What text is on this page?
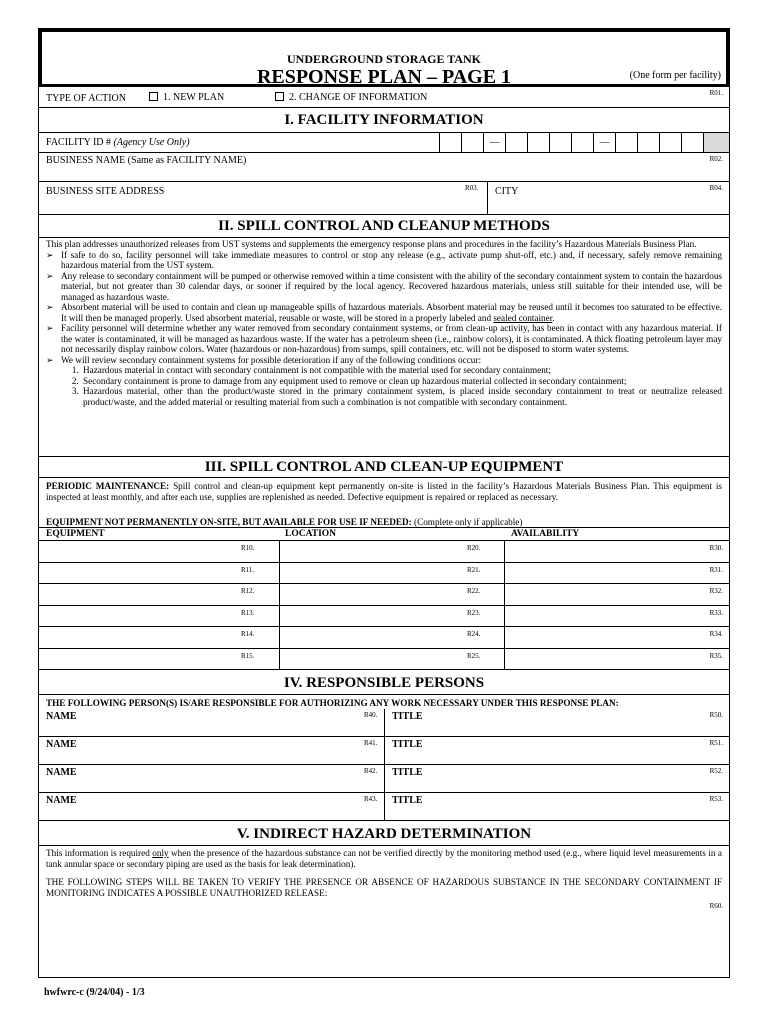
UNDERGROUND STORAGE TANK
RESPONSE PLAN – PAGE 1	(One form per facility)
TYPE OF ACTION	1. NEW PLAN	2. CHANGE OF INFORMATION	R01.
I. FACILITY INFORMATION
FACILITY ID # (Agency Use Only)	—	—
BUSINESS NAME (Same as FACILITY NAME)	R02.
BUSINESS SITE ADDRESS	R03. CITY	R04.
II. SPILL CONTROL AND CLEANUP METHODS

This plan addresses unauthorized releases from UST systems and supplements the emergency response plans and procedures in the facility’s Hazardous Materials Business Plan.

➢ If safe to do so, facility personnel will take immediate measures to control or stop any release (e.g., activate pump shut-off, etc.) and, if necessary, safely remove remaining hazardous material from the UST system.
➢ Any release to secondary containment will be pumped or otherwise removed within a time consistent with the ability of the secondary containment system to contain the hazardous material, but not greater than 30 calendar days, or sooner if required by the local agency. Recovered hazardous materials, unless still suitable for their intended use, will be managed as hazardous waste.
➢ Absorbent material will be used to contain and clean up manageable spills of hazardous materials. Absorbent material may be reused until it becomes too saturated to be effective. It will then be managed properly. Used absorbent material, reusable or waste, will be stored in a properly labeled and sealed container.
➢ Facility personnel will determine whether any water removed from secondary containment systems, or from clean-up activity, has been in contact with any hazardous material. If the water is contaminated, it will be managed as hazardous waste. If the water has a petroleum sheen (i.e., rainbow colors), it is contaminated. A thick floating petroleum layer may not necessarily display rainbow colors. Water (hazardous or non-hazardous) from sumps, spill containers, etc. will not be disposed to storm water systems.
➢ We will review secondary containment systems for possible deterioration if any of the following conditions occur:
1. Hazardous material in contact with secondary containment is not compatible with the material used for secondary containment;
2. Secondary containment is prone to damage from any equipment used to remove or clean up hazardous material collected in secondary containment;
3. Hazardous material, other than the product/waste stored in the primary containment system, is placed inside secondary containment to treat or neutralize released product/waste, and the added material or resulting material from such a combination is not compatible with secondary containment.
III. SPILL CONTROL AND CLEAN-UP EQUIPMENT

PERIODIC MAINTENANCE: Spill control and clean-up equipment kept permanently on-site is listed in the facility’s Hazardous Materials Business Plan. This equipment is inspected at least monthly, and after each use, supplies are replenished as needed. Defective equipment is repaired or replaced as necessary.

EQUIPMENT NOT PERMANENTLY ON-SITE, BUT AVAILABLE FOR USE IF NEEDED: (Complete only if applicable)
EQUIPMENT	LOCATION	AVAILABILITY
R10.	R20.	R30.
R11.	R21.	R31.
R12.	R22.	R32.
R13.	R23.	R33.
R14.	R24.	R34.
R15.	R25.	R35.
IV. RESPONSIBLE PERSONS
THE FOLLOWING PERSON(S) IS/ARE RESPONSIBLE FOR AUTHORIZING ANY WORK NECESSARY UNDER THIS RESPONSE PLAN:
NAME	R40. TITLE	R50.
NAME	R41. TITLE	R51.
NAME	R42. TITLE	R52.
NAME	R43. TITLE	R53.
V. INDIRECT HAZARD DETERMINATION

This information is required only when the presence of the hazardous substance can not be verified directly by the monitoring method used (e.g., where liquid level measurements in a tank annular space or secondary piping are used as the basis for leak determination).

THE FOLLOWING STEPS WILL BE TAKEN TO VERIFY THE PRESENCE OR ABSENCE OF HAZARDOUS SUBSTANCE IN THE SECONDARY CONTAINMENT IF MONITORING INDICATES A POSSIBLE UNAUTHORIZED RELEASE:

R60.
hwfwrc-c (9/24/04) - 1/3
